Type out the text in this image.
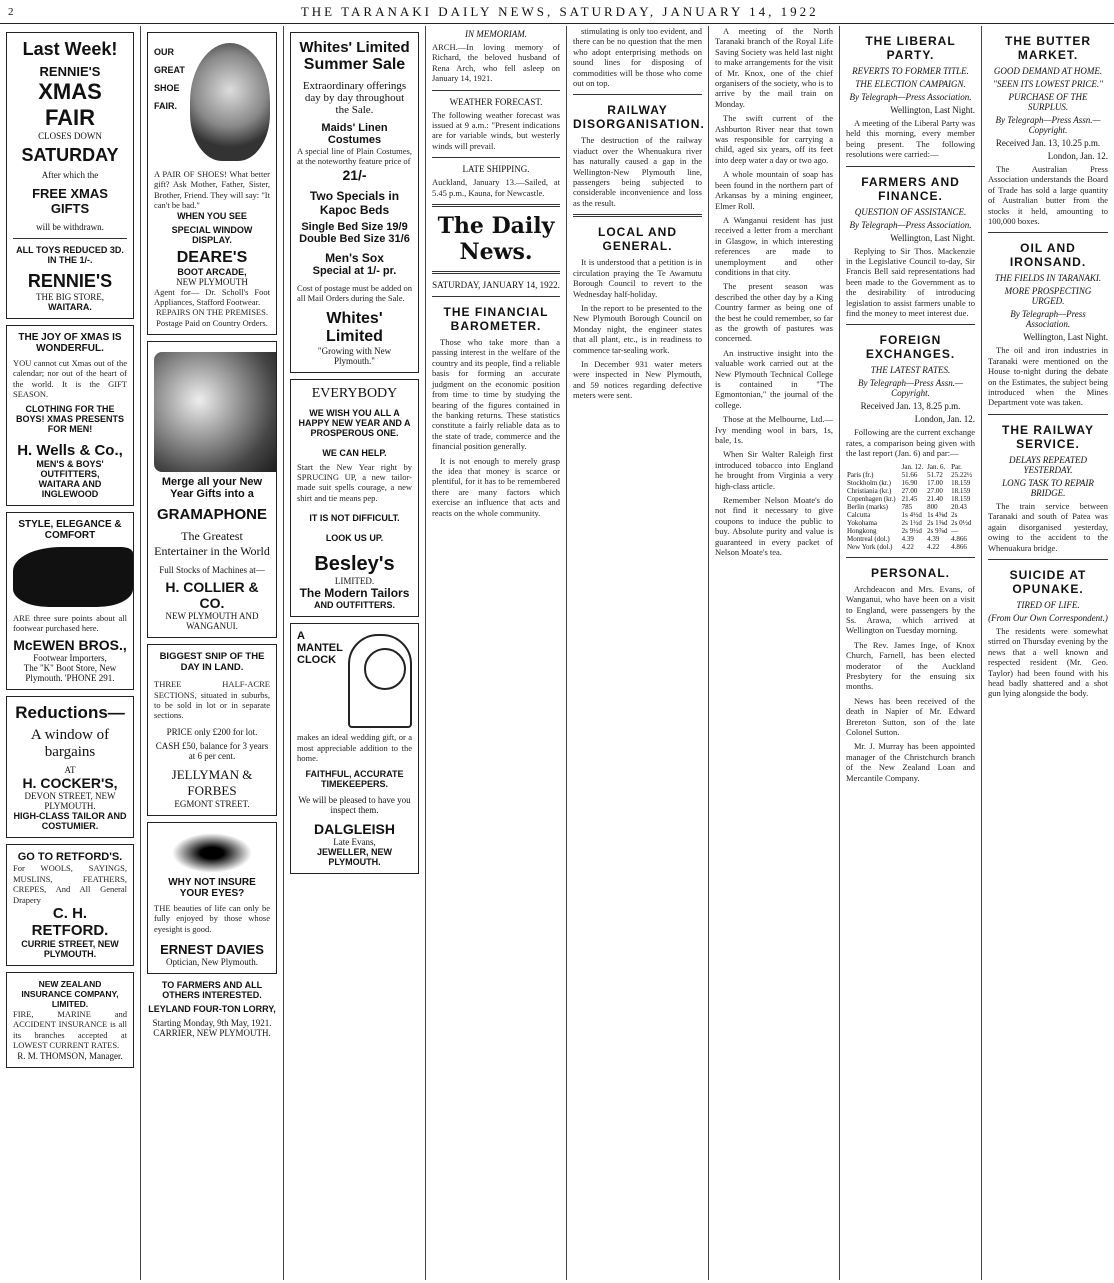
2	THE TARANAKI DAILY NEWS, SATURDAY, JANUARY 14, 1922
Last Week!
RENNIE'S
XMAS
FAIR
CLOSES DOWN
SATURDAY
After which the
FREE XMAS GIFTS
will be withdrawn.
ALL TOYS REDUCED 3D. IN THE 1/-.
RENNIE'S
THE BIG STORE,
WAITARA.
THE JOY OF XMAS IS WONDERFUL.
YOU cannot cut Xmas out of the calendar; nor out of the heart of the world. It is the GIFT SEASON.
CLOTHING FOR THE BOYS! XMAS PRESENTS FOR MEN!
H. Wells & Co.,
MEN'S & BOYS' OUTFITTERS,
WAITARA AND INGLEWOOD
STYLE, ELEGANCE & COMFORT
ARE three sure points about all footwear purchased here.
McEWEN BROS.,
Footwear Importers,
The "K" Boot Store, New Plymouth. 'PHONE 291.
Reductions—
A window of bargains
AT
H. COCKER'S,
DEVON STREET, NEW PLYMOUTH.
HIGH-CLASS TAILOR AND COSTUMIER.
GO TO RETFORD'S.
For WOOLS, SAYINGS, MUSLINS, FEATHERS, CREPES, And All General Drapery
C. H. RETFORD.
CURRIE STREET, NEW PLYMOUTH.
NEW ZEALAND INSURANCE COMPANY, LIMITED.
FIRE, MARINE and ACCIDENT INSURANCE is all its branches accepted at LOWEST CURRENT RATES.
R. M. THOMSON, Manager.
OUR
GREAT
SHOE
FAIR.
A PAIR OF SHOES! What better gift? Ask Mother, Father, Sister, Brother, Friend. They will say: "It can't be bad."
WHEN YOU SEE
SPECIAL WINDOW DISPLAY.
DEARE'S
BOOT ARCADE,
NEW PLYMOUTH
Agent for— Dr. Scholl's Foot Appliances, Stafford Footwear.
REPAIRS ON THE PREMISES. Postage Paid on Country Orders.
Merge all your New Year Gifts into a
GRAMAPHONE
The Greatest Entertainer in the World
Full Stocks of Machines at—
H. COLLIER & CO.
NEW PLYMOUTH AND WANGANUI.
BIGGEST SNIP OF THE DAY IN LAND.
THREE HALF-ACRE SECTIONS, situated in suburbs, to be sold in lot or in separate sections.
PRICE only £200 for lot.
CASH £50, balance for 3 years at 6 per cent.
JELLYMAN & FORBES
EGMONT STREET.
WHY NOT INSURE YOUR EYES?
THE beauties of life can only be fully enjoyed by those whose eyesight is good.
ERNEST DAVIES
Optician, New Plymouth.
TO FARMERS AND ALL OTHERS INTERESTED.
LEYLAND FOUR-TON LORRY,
Starting Monday, 9th May, 1921.
CARRIER, NEW PLYMOUTH.
Whites' Limited
Summer Sale
Extraordinary offerings day by day throughout the Sale.
Maids' Linen Costumes
A special line of Plain Costumes, at the noteworthy feature price of
21/-
Two Specials in Kapoc Beds
Single Bed Size 19/9
Double Bed Size 31/6
Men's Sox
Special at 1/- pr.
Cost of postage must be added on all Mail Orders during the Sale.
Whites' Limited
"Growing with New Plymouth."
EVERYBODY
WE WISH YOU ALL A HAPPY NEW YEAR AND A PROSPEROUS ONE.
WE CAN HELP.
Start the New Year right by SPRUCING UP, a new tailor-made suit spells courage, a new shirt and tie means pep.
IT IS NOT DIFFICULT.
LOOK US UP.
Besley's
LIMITED.
The Modern Tailors
AND OUTFITTERS.
A MANTEL CLOCK
makes an ideal wedding gift, or a most appreciable addition to the home.
FAITHFUL, ACCURATE TIMEKEEPERS.
We will be pleased to have you inspect them.
DALGLEISH
Late Evans,
JEWELLER, NEW PLYMOUTH.
IN MEMORIAM.
ARCH.—In loving memory of Richard, the beloved husband of Rena Arch, who fell asleep on January 14, 1921.
WEATHER FORECAST.
The following weather forecast was issued at 9 a.m.: "Present indications are for variable winds, but westerly winds will prevail.
LATE SHIPPING.
Auckland, January 13.—Sailed, at 5.45 p.m., Kauna, for Newcastle.
The Daily News.
SATURDAY, JANUARY 14, 1922.
THE FINANCIAL BAROMETER.

Those who take more than a passing interest in the welfare of the country and its people, find a reliable basis for forming an accurate judgment on the economic position from time to time by studying the bearing of the figures contained in the banking returns. These statistics constitute a fairly reliable data as to the state of trade, commerce and the financial position generally.

It is not enough to merely grasp the idea that money is scarce or plentiful, for it has to be remembered there are many factors which exercise an influence that acts and reacts on the whole community.

stimulating is only too evident, and there can be no question that the men who adopt enterprising methods on sound lines for disposing of commodities will be those who come out on top.

RAILWAY DISORGANISATION.

The destruction of the railway viaduct over the Whenuakura river has naturally caused a gap in the Wellington-New Plymouth line, passengers being subjected to considerable inconvenience and loss as the result.

LOCAL AND GENERAL.

It is understood that a petition is in circulation praying the Te Awamutu Borough Council to revert to the Wednesday half-holiday.

In the report to be presented to the New Plymouth Borough Council on Monday night, the engineer states that all plant, etc., is in readiness to commence tar-sealing work.

In December 931 water meters were inspected in New Plymouth, and 59 notices regarding defective meters were sent.

A meeting of the North Taranaki branch of the Royal Life Saving Society was held last night to make arrangements for the visit of Mr. Knox, one of the chief organisers of the society, who is to arrive by the mail train on Monday.

The swift current of the Ashburton River near that town was responsible for carrying a child, aged six years, off its feet into deep water a day or two ago.

A whole mountain of soap has been found in the northern part of Arkansas by a mining engineer, Elmer Roll.

A Wanganui resident has just received a letter from a merchant in Glasgow, in which interesting references are made to unemployment and other conditions in that city.

The present season was described the other day by a King Country farmer as being one of the best he could remember, so far as the growth of pastures was concerned.

An instructive insight into the valuable work carried out at the New Plymouth Technical College is contained in "The Egmontonian," the journal of the college.

Those at the Melbourne, Ltd.—Ivy mending wool in bars, 1s, bale, 1s.

When Sir Walter Raleigh first introduced tobacco into England he brought from Virginia a very high-class article.

Remember Nelson Moate's do not find it necessary to give coupons to induce the public to buy. Absolute purity and value is guaranteed in every packet of Nelson Moate's tea.

THE LIBERAL PARTY.
REVERTS TO FORMER TITLE.
THE ELECTION CAMPAIGN.
By Telegraph—Press Association.
Wellington, Last Night.

A meeting of the Liberal Party was held this morning, every member being present. The following resolutions were carried:—

FARMERS AND FINANCE.
QUESTION OF ASSISTANCE.
By Telegraph—Press Association.
Wellington, Last Night.

Replying to Sir Thos. Mackenzie in the Legislative Council to-day, Sir Francis Bell said representations had been made to the Government as to the desirability of introducing legislation to assist farmers unable to find the money to meet interest due.

FOREIGN EXCHANGES.
THE LATEST RATES.
By Telegraph—Press Assn.—Copyright.
Received Jan. 13, 8.25 p.m.
London, Jan. 12.

Following are the current exchange rates, a comparison being given with the last report (Jan. 6) and par:—

	Jan. 12.	Jan. 6.	Par.
Paris (fr.)	51.66	51.72	25.22½
Stockholm (kr.)	16.90	17.00	18.159
Christiania (kr.)	27.00	27.00	18.159
Copenhagen (kr.)	21.45	21.40	18.159
Berlin (marks)	785	800	20.43
Calcutta	1s 4½d	1s 4⅝d	2s
Yokohama	2s 1½d	2s 1⅜d	2s 0½d
Hongkong	2s 9½d	2s 9⅞d	—
Montreal (dol.)	4.39	4.39	4.866
New York (dol.)	4.22	4.22	4.866
PERSONAL.

Archdeacon and Mrs. Evans, of Wanganui, who have been on a visit to England, were passengers by the Ss. Arawa, which arrived at Wellington on Tuesday morning.

The Rev. James Inge, of Knox Church, Farnell, has been elected moderator of the Auckland Presbytery for the ensuing six months.

News has been received of the death in Napier of Mr. Edward Brereton Sutton, son of the late Colonel Sutton.

Mr. J. Murray has been appointed manager of the Christchurch branch of the New Zealand Loan and Mercantile Company.

THE BUTTER MARKET.
GOOD DEMAND AT HOME.
"SEEN ITS LOWEST PRICE."
PURCHASE OF THE SURPLUS.
By Telegraph—Press Assn.—Copyright.
Received Jan. 13, 10.25 p.m.
London, Jan. 12.

The Australian Press Association understands the Board of Trade has sold a large quantity of Australian butter from the stocks it held, amounting to 100,000 boxes.

OIL AND IRONSAND.
THE FIELDS IN TARANAKI.
MORE PROSPECTING URGED.
By Telegraph—Press Association.
Wellington, Last Night.

The oil and iron industries in Taranaki were mentioned on the House to-night during the debate on the Estimates, the subject being introduced when the Mines Department vote was taken.

THE RAILWAY SERVICE.
DELAYS REPEATED YESTERDAY.
LONG TASK TO REPAIR BRIDGE.

The train service between Taranaki and south of Patea was again disorganised yesterday, owing to the accident to the Whenuakura bridge.

SUICIDE AT OPUNAKE.
TIRED OF LIFE.
(From Our Own Correspondent.)

The residents were somewhat stirred on Thursday evening by the news that a well known and respected resident (Mr. Geo. Taylor) had been found with his head badly shattered and a shot gun lying alongside the body.
